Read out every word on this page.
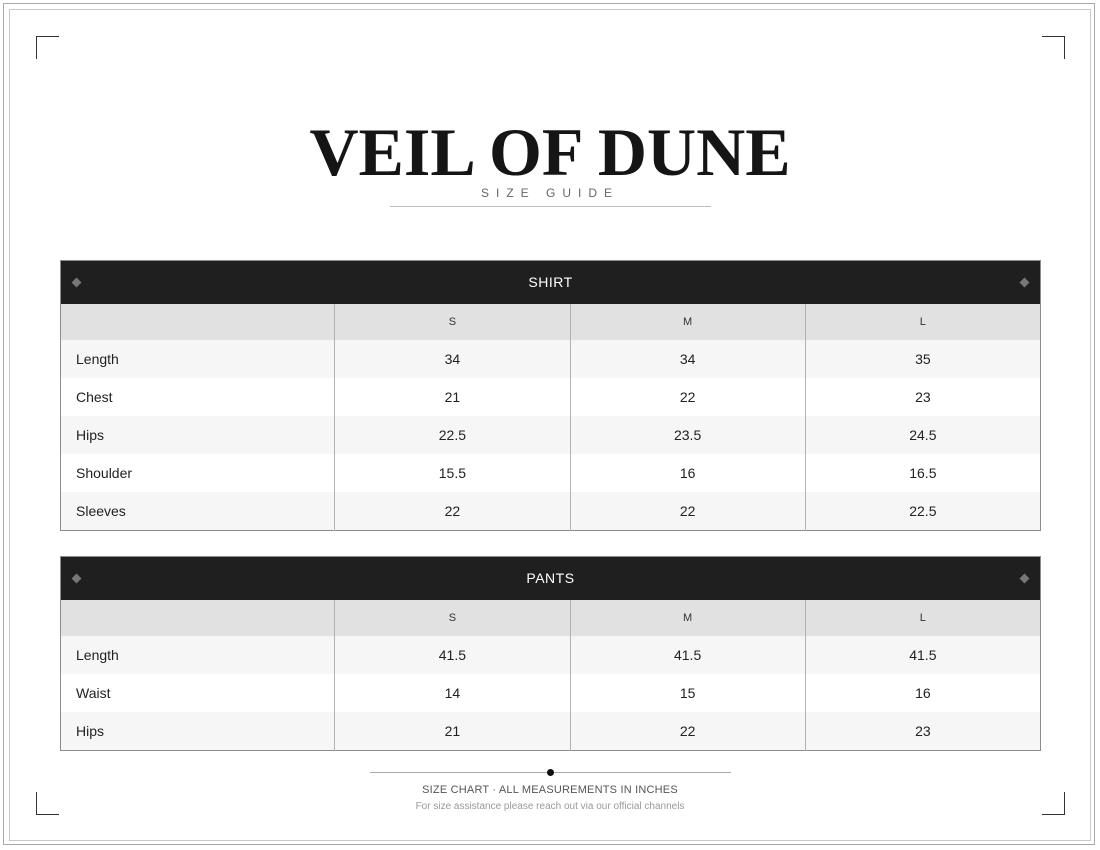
VEIL OF DUNE
SIZE GUIDE
SHIRT			

	S	M	L
Length	34	34	35
Chest	21	22	23
Hips	22.5	23.5	24.5
Shoulder	15.5	16	16.5
Sleeves	22	22	22.5
PANTS			

	S	M	L
Length	41.5	41.5	41.5
Waist	14	15	16
Hips	21	22	23
SIZE CHART · ALL MEASUREMENTS IN INCHES
For size assistance please reach out via our official channels
